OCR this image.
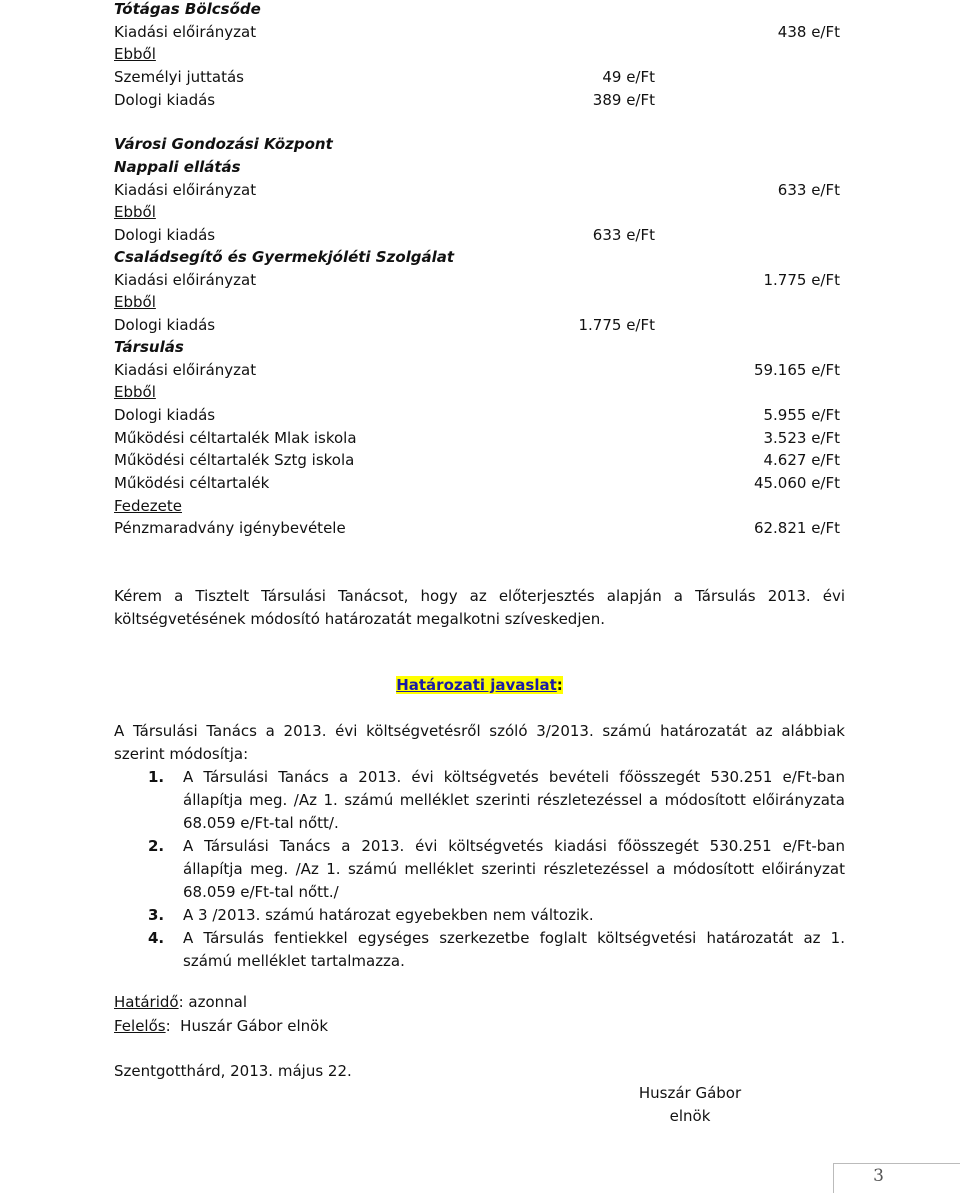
Tótágas Bölcsőde
Kiadási előirányzat	438 e/Ft
Ebből
Személyi juttatás	49 e/Ft
Dologi kiadás	389 e/Ft
Városi Gondozási Központ
Nappali ellátás
Kiadási előirányzat	633 e/Ft
Ebből
Dologi kiadás	633 e/Ft
Családsegítő és Gyermekjóléti Szolgálat
Kiadási előirányzat	1.775 e/Ft
Ebből
Dologi kiadás	1.775 e/Ft
Társulás
Kiadási előirányzat	59.165 e/Ft
Ebből
Dologi kiadás	5.955 e/Ft
Működési céltartalék Mlak iskola	3.523 e/Ft
Működési céltartalék Sztg iskola	4.627 e/Ft
Működési céltartalék	45.060 e/Ft
Fedezete
Pénzmaradvány igénybevétele	62.821 e/Ft
Kérem a Tisztelt Társulási Tanácsot, hogy az előterjesztés alapján a Társulás 2013. évi
költségvetésének módosító határozatát megalkotni szíveskedjen.
Határozati javaslat:
A Társulási Tanács a 2013. évi költségvetésről szóló 3/2013. számú határozatát az alábbiak szerint módosítja:
1. A Társulási Tanács a 2013. évi költségvetés bevételi főösszegét 530.251 e/Ft-ban állapítja meg. /Az 1. számú melléklet szerinti részletezéssel a módosított előirányzata 68.059 e/Ft-tal nőtt/.
2. A Társulási Tanács a 2013. évi költségvetés kiadási főösszegét 530.251 e/Ft-ban állapítja meg. /Az 1. számú melléklet szerinti részletezéssel a módosított előirányzat 68.059 e/Ft-tal nőtt./
3. A 3 /2013. számú határozat egyebekben nem változik.
4. A Társulás fentiekkel egységes szerkezetbe foglalt költségvetési határozatát az 1. számú melléklet tartalmazza.
Határidő: azonnal
Felelős:  Huszár Gábor elnök
Szentgotthárd, 2013. május 22.
Huszár Gábor
elnök
3
